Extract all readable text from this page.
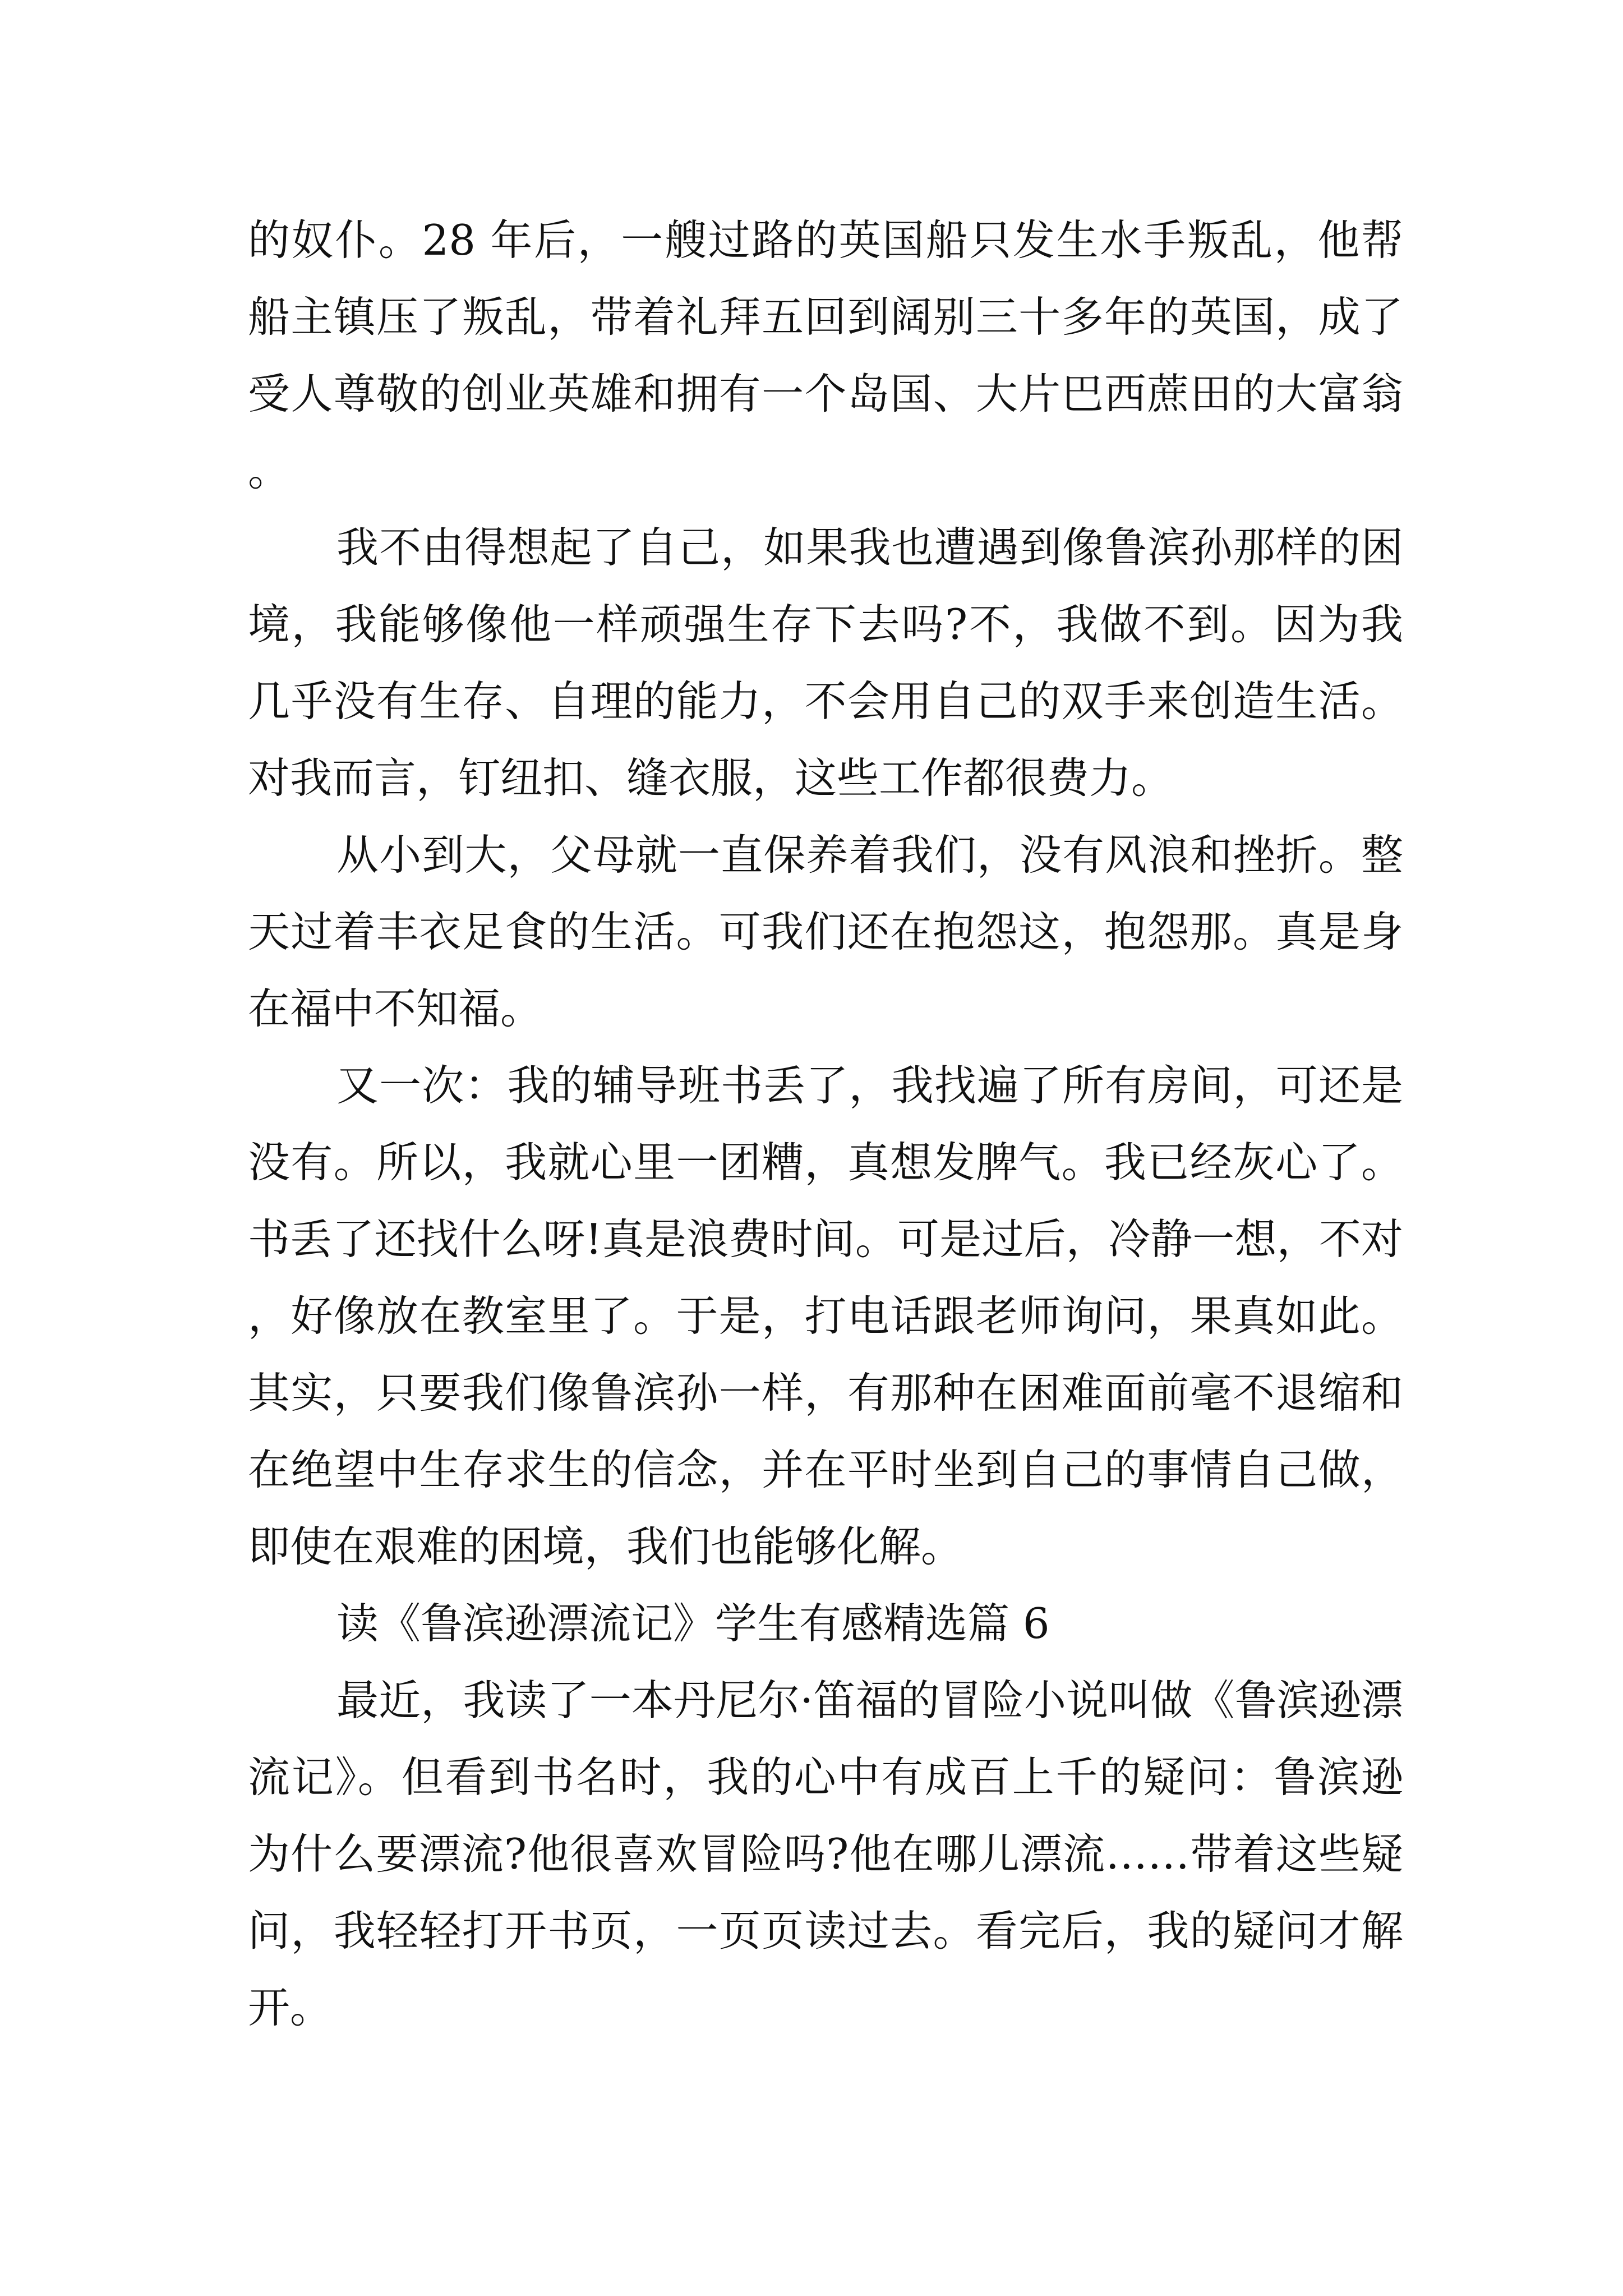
的奴仆。28 年后，一艘过路的英国船只发生水手叛乱，他帮船主镇压了叛乱，带着礼拜五回到阔别三十多年的英国，成了受人尊敬的创业英雄和拥有一个岛国、大片巴西蔗田的大富翁。

我不由得想起了自己，如果我也遭遇到像鲁滨孙那样的困境，我能够像他一样顽强生存下去吗?不，我做不到。因为我几乎没有生存、自理的能力，不会用自己的双手来创造生活。对我而言，钉纽扣、缝衣服，这些工作都很费力。

从小到大，父母就一直保养着我们，没有风浪和挫折。整天过着丰衣足食的生活。可我们还在抱怨这，抱怨那。真是身在福中不知福。

又一次：我的辅导班书丢了，我找遍了所有房间，可还是没有。所以，我就心里一团糟，真想发脾气。我已经灰心了。书丢了还找什么呀!真是浪费时间。可是过后，冷静一想，不对，好像放在教室里了。于是，打电话跟老师询问，果真如此。其实，只要我们像鲁滨孙一样，有那种在困难面前毫不退缩和在绝望中生存求生的信念，并在平时坐到自己的事情自己做，即使在艰难的困境，我们也能够化解。

读《鲁滨逊漂流记》学生有感精选篇 6

最近，我读了一本丹尼尔·笛福的冒险小说叫做《鲁滨逊漂流记》。但看到书名时，我的心中有成百上千的疑问：鲁滨逊为什么要漂流?他很喜欢冒险吗?他在哪儿漂流……带着这些疑问，我轻轻打开书页，一页页读过去。看完后，我的疑问才解开。
